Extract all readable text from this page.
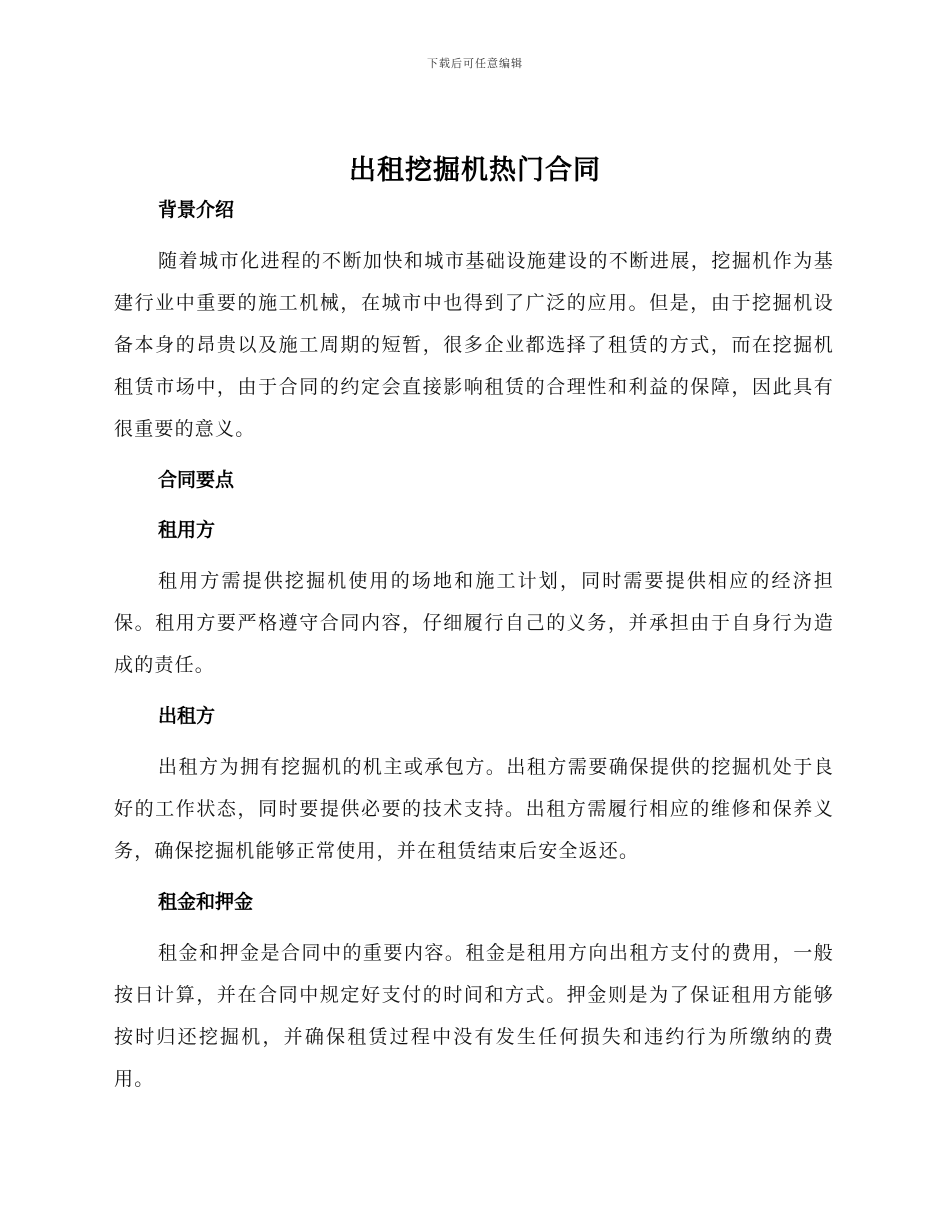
下载后可任意编辑
出租挖掘机热门合同
背景介绍

随着城市化进程的不断加快和城市基础设施建设的不断进展，挖掘机作为基建行业中重要的施工机械，在城市中也得到了广泛的应用。但是，由于挖掘机设备本身的昂贵以及施工周期的短暂，很多企业都选择了租赁的方式，而在挖掘机租赁市场中，由于合同的约定会直接影响租赁的合理性和利益的保障，因此具有很重要的意义。

合同要点
租用方

租用方需提供挖掘机使用的场地和施工计划，同时需要提供相应的经济担保。租用方要严格遵守合同内容，仔细履行自己的义务，并承担由于自身行为造成的责任。

出租方

出租方为拥有挖掘机的机主或承包方。出租方需要确保提供的挖掘机处于良好的工作状态，同时要提供必要的技术支持。出租方需履行相应的维修和保养义务，确保挖掘机能够正常使用，并在租赁结束后安全返还。

租金和押金

租金和押金是合同中的重要内容。租金是租用方向出租方支付的费用，一般按日计算，并在合同中规定好支付的时间和方式。押金则是为了保证租用方能够按时归还挖掘机，并确保租赁过程中没有发生任何损失和违约行为所缴纳的费用。
